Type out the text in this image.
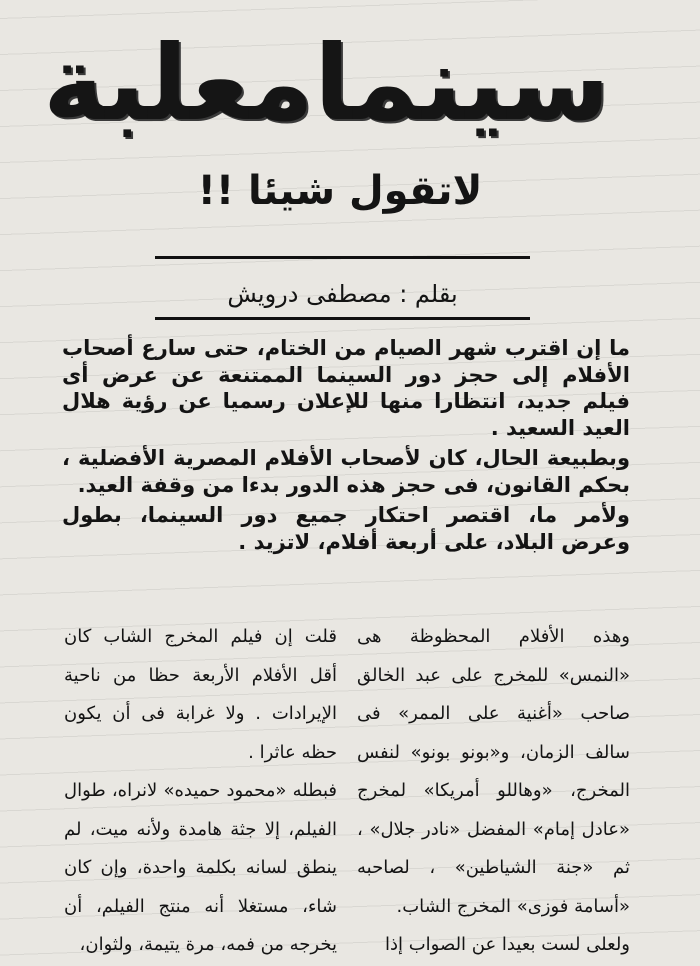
سينمامعلبة
لاتقول شيئا !!
بقلم : مصطفى درويش

ما إن اقترب شهر الصيام من الختام، حتى سارع أصحاب الأفلام إلى حجز دور السينما الممتنعة عن عرض أى فيلم جديد، انتظارا منها للإعلان رسميا عن رؤية هلال العيد السعيد .

وبطبيعة الحال، كان لأصحاب الأفلام المصرية الأفضلية ، بحكم القانون، فى حجز هذه الدور بدءا من وقفة العيد.

ولأمر ما، اقتصر احتكار جميع دور السينما، بطول وعرض البلاد، على أربعة أفلام، لاتزيد .

وهذه الأفلام المحظوظة هى «النمس» للمخرج على عبد الخالق صاحب «أغنية على الممر» فى سالف الزمان، و«بونو بونو» لنفس المخرج، «وهاللو أمريكا» لمخرج «عادل إمام» المفضل «نادر جلال» ، ثم «جنة الشياطين» ، لصاحبه «أسامة فوزى» المخرج الشاب.

ولعلى لست بعيدا عن الصواب إذا

قلت إن فيلم المخرج الشاب كان أقل الأفلام الأربعة حظا من ناحية الإيرادات . ولا غرابة فى أن يكون حظه عاثرا .

فبطله «محمود حميده» لانراه، طوال الفيلم، إلا جثة هامدة ولأنه ميت، لم ينطق لسانه بكلمة واحدة، وإن كان شاء، مستغلا أنه منتج الفيلم، أن يخرجه من فمه، مرة يتيمة، ولثوان،
